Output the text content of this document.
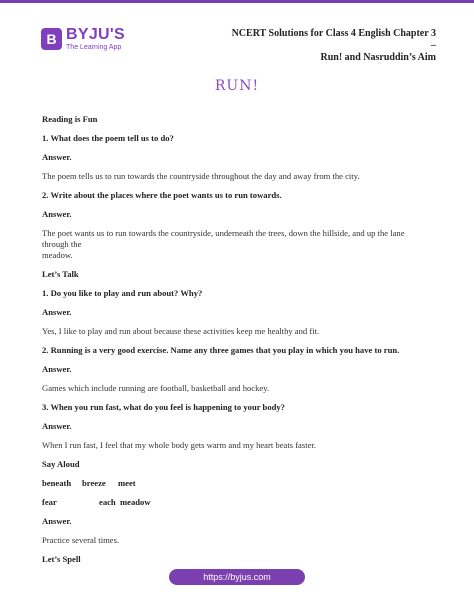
B BYJU'S
The Learning App
NCERT Solutions for Class 4 English Chapter 3 –
Run! and Nasruddin’s Aim
RUN!

Reading is Fun

1. What does the poem tell us to do?

Answer.

The poem tells us to run towards the countryside throughout the day and away from the city.

2. Write about the places where the poet wants us to run towards.

Answer.

The poet wants us to run towards the countryside, underneath the trees, down the hillside, and up the lane through the

meadow.

Let’s Talk

1. Do you like to play and run about? Why?

Answer.

Yes, I like to play and run about because these activities keep me healthy and fit.

2. Running is a very good exercise. Name any three games that you play in which you have to run.

Answer.

Games which include running are football, basketball and hockey.

3. When you run fast, what do you feel is happening to your body?

Answer.

When I run fast, I feel that my whole body gets warm and my heart beats faster.

Say Aloud

beneath	breeze	meet
fear	each meadow

Answer.

Practice several times.

Let’s Spell

https://byjus.com
